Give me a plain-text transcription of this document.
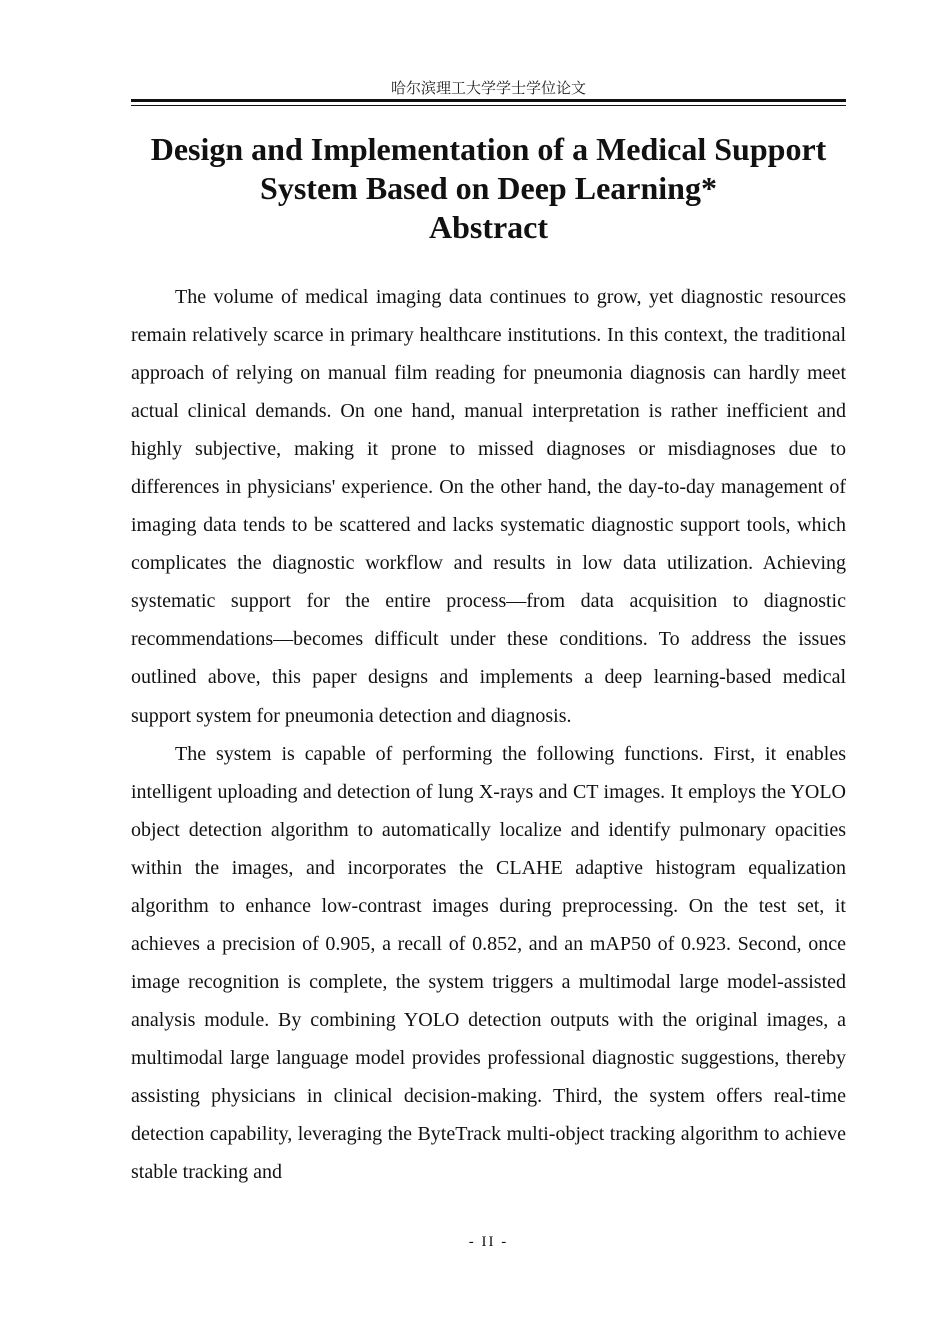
哈尔滨理工大学学士学位论文
Design and Implementation of a Medical Support
System Based on Deep Learning*
Abstract

The volume of medical imaging data continues to grow, yet diagnostic resources remain relatively scarce in primary healthcare institutions. In this context, the traditional approach of relying on manual film reading for pneumonia diagnosis can hardly meet actual clinical demands. On one hand, manual interpretation is rather inefficient and highly subjective, making it prone to missed diagnoses or misdiagnoses due to differences in physicians' experience. On the other hand, the day-to-day management of imaging data tends to be scattered and lacks systematic diagnostic support tools, which complicates the diagnostic workflow and results in low data utilization. Achieving systematic support for the entire process—from data acquisition to diagnostic recommendations—becomes difficult under these conditions. To address the issues outlined above, this paper designs and implements a deep learning-based medical support system for pneumonia detection and diagnosis.

The system is capable of performing the following functions. First, it enables intelligent uploading and detection of lung X-rays and CT images. It employs the YOLO object detection algorithm to automatically localize and identify pulmonary opacities within the images, and incorporates the CLAHE adaptive histogram equalization algorithm to enhance low-contrast images during preprocessing. On the test set, it achieves a precision of 0.905, a recall of 0.852, and an mAP50 of 0.923. Second, once image recognition is complete, the system triggers a multimodal large model-assisted analysis module. By combining YOLO detection outputs with the original images, a multimodal large language model provides professional diagnostic suggestions, thereby assisting physicians in clinical decision-making. Third, the system offers real-time detection capability, leveraging the ByteTrack multi-object tracking algorithm to achieve stable tracking and

- II -
